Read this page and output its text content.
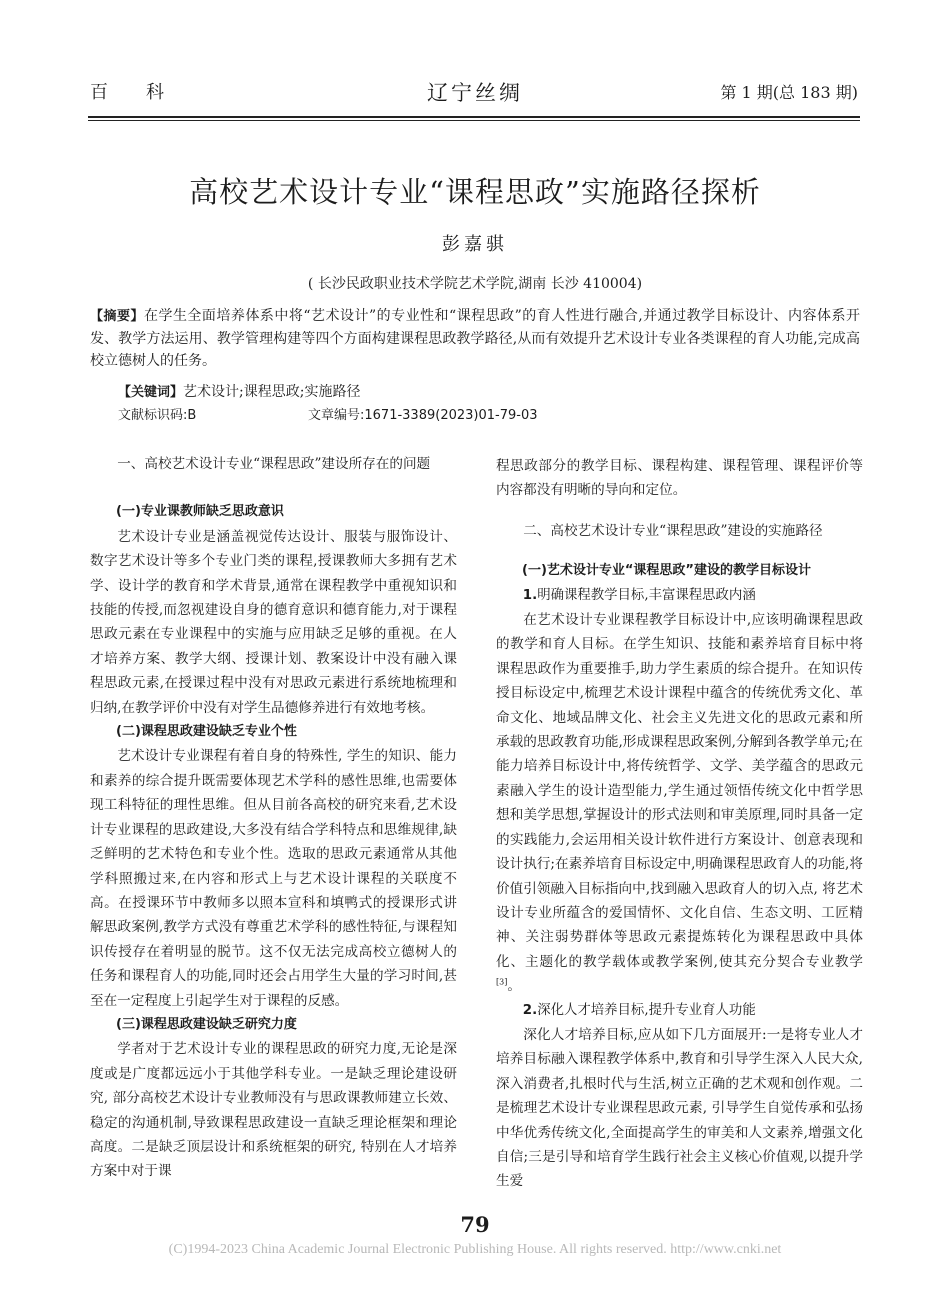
百科	辽宁丝绸	第 1 期(总 183 期)
高校艺术设计专业“课程思政”实施路径探析
彭嘉骐
( 长沙民政职业技术学院艺术学院,湖南 长沙 410004)
【摘要】在学生全面培养体系中将“艺术设计”的专业性和“课程思政”的育人性进行融合,并通过教学目标设计、内容体系开发、教学方法运用、教学管理构建等四个方面构建课程思政教学路径,从而有效提升艺术设计专业各类课程的育人功能,完成高校立德树人的任务。
【关键词】艺术设计;课程思政;实施路径
文献标识码:B	文章编号:1671-3389(2023)01-79-03

一、高校艺术设计专业“课程思政”建设所存在的问题

(一)专业课教师缺乏思政意识

艺术设计专业是涵盖视觉传达设计、服装与服饰设计、数字艺术设计等多个专业门类的课程,授课教师大多拥有艺术学、设计学的教育和学术背景,通常在课程教学中重视知识和技能的传授,而忽视建设自身的德育意识和德育能力,对于课程思政元素在专业课程中的实施与应用缺乏足够的重视。在人才培养方案、教学大纲、授课计划、教案设计中没有融入课程思政元素,在授课过程中没有对思政元素进行系统地梳理和归纳,在教学评价中没有对学生品德修养进行有效地考核。

(二)课程思政建设缺乏专业个性

艺术设计专业课程有着自身的特殊性, 学生的知识、能力和素养的综合提升既需要体现艺术学科的感性思维,也需要体现工科特征的理性思维。但从目前各高校的研究来看,艺术设计专业课程的思政建设,大多没有结合学科特点和思维规律,缺乏鲜明的艺术特色和专业个性。选取的思政元素通常从其他学科照搬过来,在内容和形式上与艺术设计课程的关联度不高。在授课环节中教师多以照本宣科和填鸭式的授课形式讲解思政案例,教学方式没有尊重艺术学科的感性特征,与课程知识传授存在着明显的脱节。这不仅无法完成高校立德树人的任务和课程育人的功能,同时还会占用学生大量的学习时间,甚至在一定程度上引起学生对于课程的反感。

(三)课程思政建设缺乏研究力度

学者对于艺术设计专业的课程思政的研究力度,无论是深度或是广度都远远小于其他学科专业。一是缺乏理论建设研究, 部分高校艺术设计专业教师没有与思政课教师建立长效、稳定的沟通机制,导致课程思政建设一直缺乏理论框架和理论高度。二是缺乏顶层设计和系统框架的研究, 特别在人才培养方案中对于课

程思政部分的教学目标、课程构建、课程管理、课程评价等内容都没有明晰的导向和定位。

二、高校艺术设计专业“课程思政”建设的实施路径

(一)艺术设计专业“课程思政”建设的教学目标设计
1.明确课程教学目标,丰富课程思政内涵

在艺术设计专业课程教学目标设计中,应该明确课程思政的教学和育人目标。在学生知识、技能和素养培育目标中将课程思政作为重要推手,助力学生素质的综合提升。在知识传授目标设定中,梳理艺术设计课程中蕴含的传统优秀文化、革命文化、地域品牌文化、社会主义先进文化的思政元素和所承载的思政教育功能,形成课程思政案例,分解到各教学单元;在能力培养目标设计中,将传统哲学、文学、美学蕴含的思政元素融入学生的设计造型能力,学生通过领悟传统文化中哲学思想和美学思想,掌握设计的形式法则和审美原理,同时具备一定的实践能力,会运用相关设计软件进行方案设计、创意表现和设计执行;在素养培育目标设定中,明确课程思政育人的功能,将价值引领融入目标指向中,找到融入思政育人的切入点, 将艺术设计专业所蕴含的爱国情怀、文化自信、生态文明、工匠精神、关注弱势群体等思政元素提炼转化为课程思政中具体化、主题化的教学载体或教学案例,使其充分契合专业教学[3]。

2.深化人才培养目标,提升专业育人功能

深化人才培养目标,应从如下几方面展开:一是将专业人才培养目标融入课程教学体系中,教育和引导学生深入人民大众,深入消费者,扎根时代与生活,树立正确的艺术观和创作观。二是梳理艺术设计专业课程思政元素, 引导学生自觉传承和弘扬中华优秀传统文化,全面提高学生的审美和人文素养,增强文化自信;三是引导和培育学生践行社会主义核心价值观,以提升学生爱

79
(C)1994-2023 China Academic Journal Electronic Publishing House. All rights reserved. http://www.cnki.net
